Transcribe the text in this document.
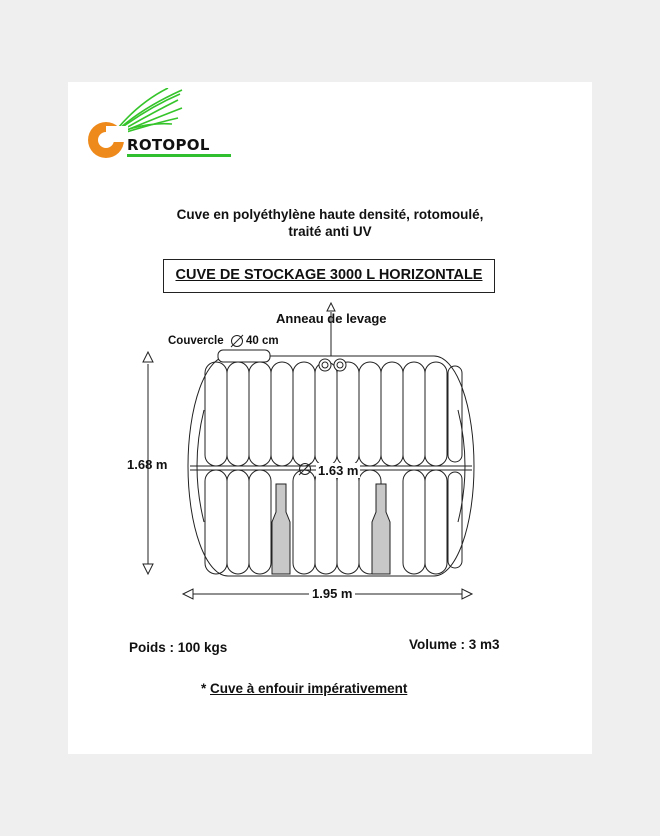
ROTOPOL
Cuve en polyéthylène haute densité, rotomoulé,
traité anti UV
CUVE DE STOCKAGE 3000 L HORIZONTALE
Anneau de levage
Couvercle 40 cm
1.68 m	1.63 m
1.95 m
Poids : 100 kgs	Volume : 3 m3
* Cuve à enfouir impérativement
